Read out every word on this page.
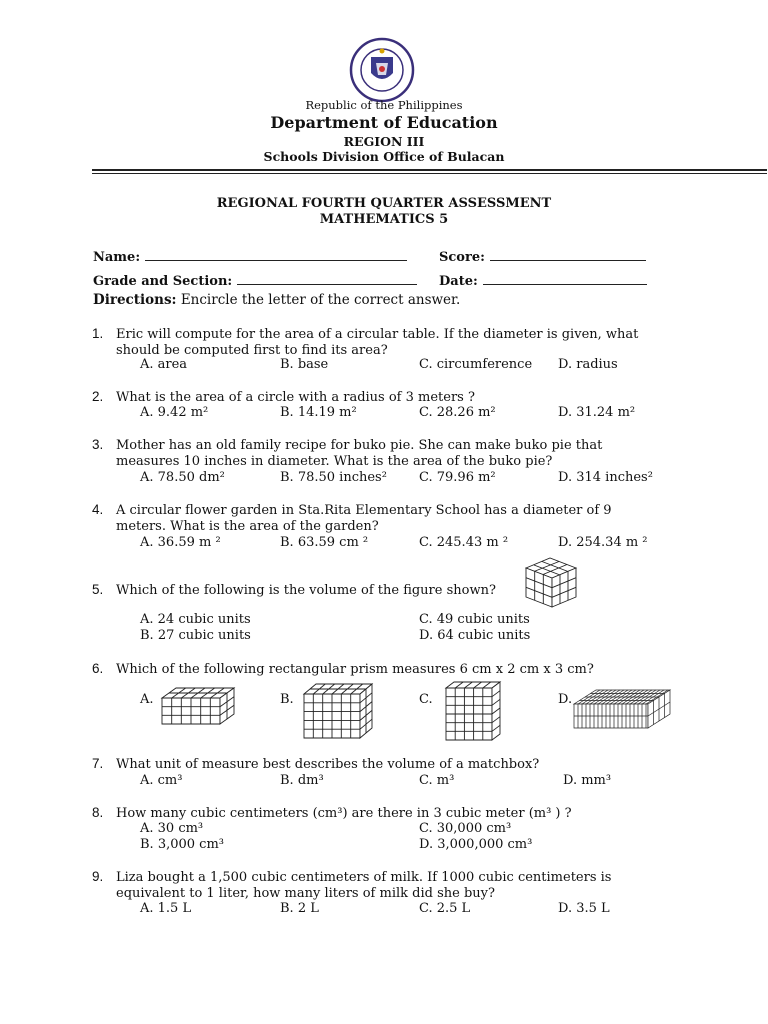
Republic of the Philippines
Department of Education
REGION III
Schools Division Office of Bulacan
REGIONAL FOURTH QUARTER ASSESSMENT
MATHEMATICS 5
Name:	Score:
Grade and Section:	Date:
Directions: Encircle the letter of the correct answer.
1. Eric will compute for the area of a circular table. If the diameter is given, what should be computed first to find its area?
A. area	B. base	C. circumference D. radius
2. What is the area of a circle with a radius of 3 meters ?
A. 9.42 m²	B. 14.19 m²	C. 28.26 m²	D. 31.24 m²
3. Mother has an old family recipe for buko pie. She can make buko pie that measures 10 inches in diameter. What is the area of the buko pie?
A. 78.50 dm²	B. 78.50 inches² C. 79.96 m²	D. 314 inches²
4. A circular flower garden in Sta.Rita Elementary School has a diameter of 9 meters. What is the area of the garden?
A. 36.59 m ²	B. 63.59 cm ²	C. 245.43 m ²	D. 254.34 m ²
5. Which of the following is the volume of the figure shown?
A. 24 cubic units
B. 27 cubic units
C. 49 cubic units
D. 64 cubic units
6. Which of the following rectangular prism measures 6 cm x 2 cm x 3 cm?
A.	B.	C.	D.
7. What unit of measure best describes the volume of a matchbox?
A. cm³	B. dm³	C. m³	D. mm³
8. How many cubic centimeters (cm³) are there in 3 cubic meter (m³ ) ?
A. 30 cm³
B. 3,000 cm³
C. 30,000 cm³
D. 3,000,000 cm³
9. Liza bought a 1,500 cubic centimeters of milk. If 1000 cubic centimeters is equivalent to 1 liter, how many liters of milk did she buy?
A. 1.5 L	B. 2 L	C. 2.5 L	D. 3.5 L
